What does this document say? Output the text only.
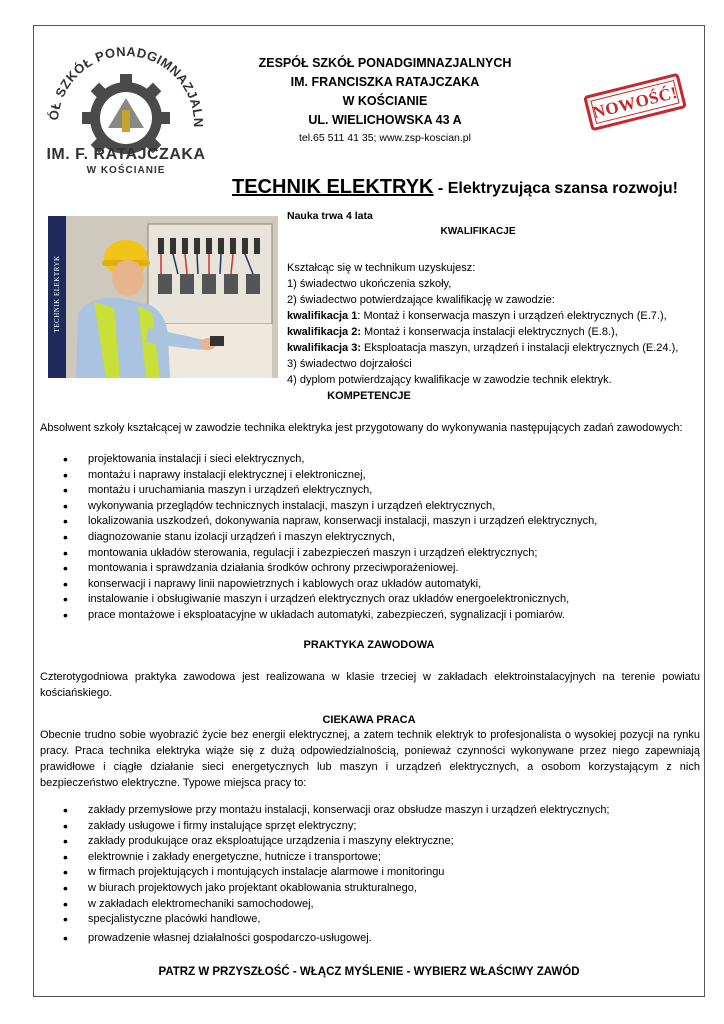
ÓŁ SZKÓŁ PONADGIMNAZJALN
IM. F. RATAJCZAKA
W KOŚCIANIE
ZESPÓŁ SZKÓŁ PONADGIMNAZJALNYCH
IM. FRANCISZKA RATAJCZAKA
W KOŚCIANIE
UL. WIELICHOWSKA 43 A
tel.65 511 41 35; www.zsp-koscian.pl
NOWOŚĆ!
TECHNIK ELEKTRYK - Elektryzująca szansa rozwoju!
TECHNIK ELEKTRYK
Nauka trwa 4 lata
KWALIFIKACJE
Kształcąc się w technikum uzyskujesz:
1) świadectwo ukończenia szkoły,
2) świadectwo potwierdzające kwalifikację w zawodzie:
kwalifikacja 1: Montaż i konserwacja maszyn i urządzeń elektrycznych (E.7.),
kwalifikacja 2: Montaż i konserwacja instalacji elektrycznych (E.8.),
kwalifikacja 3: Eksploatacja maszyn, urządzeń i instalacji elektrycznych (E.24.),
3) świadectwo dojrzałości
4) dyplom potwierdzający kwalifikacje w zawodzie technik elektryk.
KOMPETENCJE
Absolwent szkoły kształcącej w zawodzie technika elektryka jest przygotowany do wykonywania następujących zadań zawodowych:
• projektowania instalacji i sieci elektrycznych,
• montażu i naprawy instalacji elektrycznej i elektronicznej,
• montażu i uruchamiania maszyn i urządzeń elektrycznych,
• wykonywania przeglądów technicznych instalacji, maszyn i urządzeń elektrycznych,
• lokalizowania uszkodzeń, dokonywania napraw, konserwacji instalacji, maszyn i urządzeń elektrycznych,
• diagnozowanie stanu izolacji urządzeń i maszyn elektrycznych,
• montowania układów sterowania, regulacji i zabezpieczeń maszyn i urządzeń elektrycznych;
• montowania i sprawdzania działania środków ochrony przeciwporażeniowej.
• konserwacji i naprawy linii napowietrznych i kablowych oraz układów automatyki,
• instalowanie i obsługiwanie maszyn i urządzeń elektrycznych oraz układów energoelektronicznych,
• prace montażowe i eksploatacyjne w układach automatyki, zabezpieczeń, sygnalizacji i pomiarów.
PRAKTYKA ZAWODOWA
Czterotygodniowa praktyka zawodowa jest realizowana w klasie trzeciej w zakładach elektroinstalacyjnych na terenie powiatu kościańskiego.
CIEKAWA PRACA
Obecnie trudno sobie wyobrazić życie bez energii elektrycznej, a zatem technik elektryk to profesjonalista o wysokiej pozycji na rynku pracy. Praca technika elektryka wiąże się z dużą odpowiedzialnością, ponieważ czynności wykonywane przez niego zapewniają prawidłowe i ciągłe działanie sieci energetycznych lub maszyn i urządzeń elektrycznych, a osobom korzystającym z nich bezpieczeństwo elektryczne. Typowe miejsca pracy to:
• zakłady przemysłowe przy montażu instalacji, konserwacji oraz obsłudze maszyn i urządzeń elektrycznych;
• zakłady usługowe i firmy instalujące sprzęt elektryczny;
• zakłady produkujące oraz eksploatujące urządzenia i maszyny elektryczne;
• elektrownie i zakłady energetyczne, hutnicze i transportowe;
• w firmach projektujących i montujących instalacje alarmowe i monitoringu
• w biurach projektowych jako projektant okablowania strukturalnego,
• w zakładach elektromechaniki samochodowej,
• specjalistyczne placówki handlowe,
• prowadzenie własnej działalności gospodarczo-usługowej.
PATRZ W PRZYSZŁOŚĆ - WŁĄCZ MYŚLENIE - WYBIERZ WŁAŚCIWY ZAWÓD
